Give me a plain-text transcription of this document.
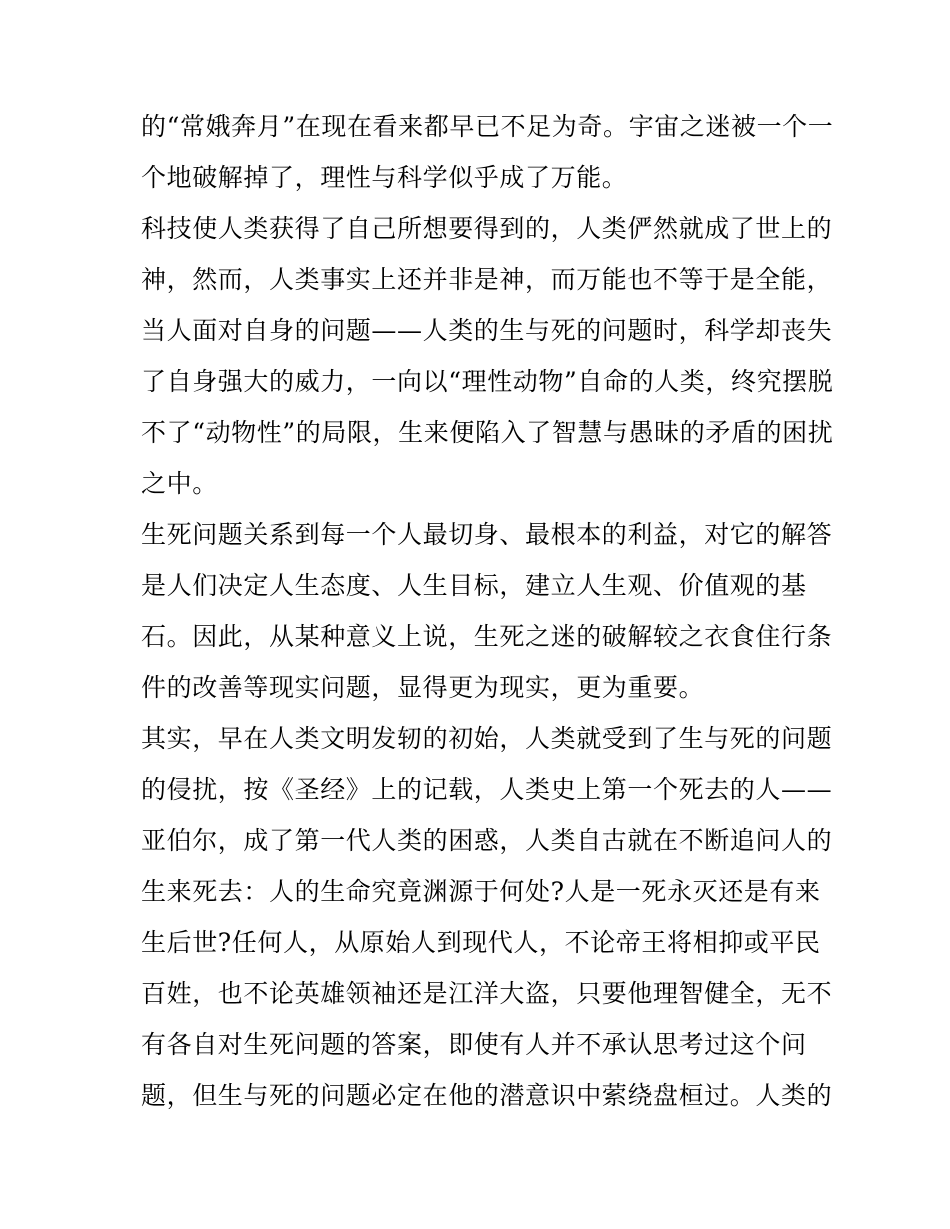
的“常娥奔月”在现在看来都早已不足为奇。宇宙之迷被一个一
个地破解掉了，理性与科学似乎成了万能。
科技使人类获得了自己所想要得到的，人类俨然就成了世上的
神，然而，人类事实上还并非是神，而万能也不等于是全能，
当人面对自身的问题——人类的生与死的问题时，科学却丧失
了自身强大的威力，一向以“理性动物”自命的人类，终究摆脱
不了“动物性”的局限，生来便陷入了智慧与愚昧的矛盾的困扰
之中。
生死问题关系到每一个人最切身、最根本的利益，对它的解答
是人们决定人生态度、人生目标，建立人生观、价值观的基
石。因此，从某种意义上说，生死之迷的破解较之衣食住行条
件的改善等现实问题，显得更为现实，更为重要。
其实，早在人类文明发轫的初始，人类就受到了生与死的问题
的侵扰，按《圣经》上的记载，人类史上第一个死去的人——
亚伯尔，成了第一代人类的困惑，人类自古就在不断追问人的
生来死去：人的生命究竟渊源于何处?人是一死永灭还是有来
生后世?任何人，从原始人到现代人，不论帝王将相抑或平民
百姓，也不论英雄领袖还是江洋大盗，只要他理智健全，无不
有各自对生死问题的答案，即使有人并不承认思考过这个问
题，但生与死的问题必定在他的潜意识中萦绕盘桓过。人类的
